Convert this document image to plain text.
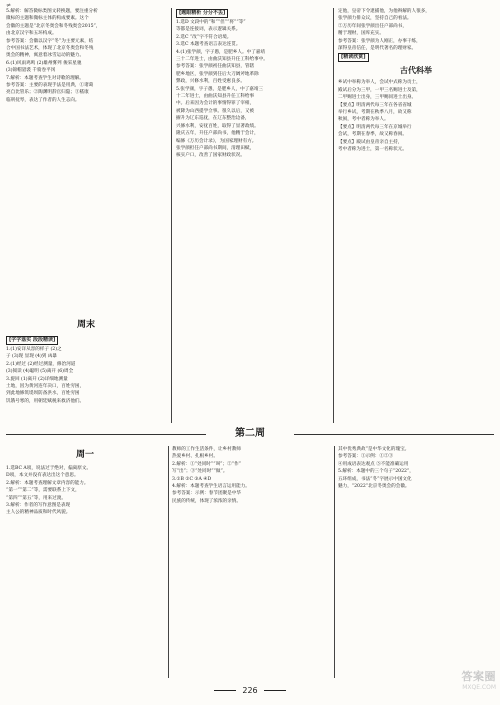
≠

5.解析：解答微标类图文转换题，要注重分析

微标的主题和微标主体的构成要素。这个

会徽的主题是“北京冬奥会和冬残奥会2015”，

由北京汉字和五环构成。

参考答案：会徽以汉字“冬”为主要元素，结

合中国书法艺术，体现了北京冬奥会和冬残

奥会的精神，寓意着冰雪运动的魅力。

6.(1)风雨鸡鸣 (2)雄州雾列 俊采星驰

(3)锦帽貂裘 千骑卷平冈

7.解析：本题考查学生对诗歌的理解。

参考答案：主要的表现手法是用典，①诸葛

亮自比管乐；②陶渊明辞官归隐；③嵇康

临刑抚琴，表达了作者的人生志向。

周末
[字字落实 段段精读]

1.(1)安详从容的样子 (2)之

子 (3)现 显现 (4)到 凶暴

2.(1)经过 (2)经过测量，修治河道

(3)阅读 (4)聪明 (5)离开 (6)周全

3.旋回 (1)离开 (2)详细地测量

土地，因为黄河连年决口，百姓穷困，

到此地修筑堤坝防备洪水，百姓穷困

饥饿号寒的，用朝廷赋税来救济他们。

[题眼精析 分分不丢]

1.选D 文段中的“和”“但”“将”“等”

等都是连接词，表示逻辑关系。

2.选C “改”字不符合语境。

3.选C 本题考查语言表达连贯。

4.(1)张学颜，字子愚，是肥乡人。中了嘉靖

三十二年进士，由曲沃知县升任工科给事中。

参考答案：张学颜初任曲沃知县，管辖

肥乡地区，张学颜到任后大刀阔斧地革除

弊政，兴修水利，百姓受惠良多。

5.张学颜，字子愚，是肥乡人，中了嘉靖三

十二年进士，由曲沃知县升任工科给事

中。后来因为会计的事情得罪了宰相，

被降为山西提学佥事。很久以后，又被

擢升为辽东巡抚，在辽东整治边备，

兴修水利，安抚百姓，取得了显著政绩。

隆庆五年，升任户部尚书，他精于会计，

编修《万历会计录》，为国家理财有方。

张学颜担任户部尚书期间，清理田赋，

核实户口，改善了国家财政状况。

定他，皇帝下令逮捕他，为他辩解的人很多，

张学颜力排众议，坚持自己的看法。

②万历年间张学颜出任户部尚书，

精于理财，国库充实。

参考答案：张学颜为人刚正，办事干练，

深得皇帝信任，是明代著名的理财家。

[精读欣赏]
古代科举

乡试中举称为举人，会试中式称为贡士，

殿试后分为三甲，一甲三名赐进士及第，

二甲赐进士出身，三甲赐同进士出身。

【要点】明清两代每三年在各省省城

举行乡试，考期在秋季八月，故又称

秋闱，考中者称为举人。

【要点】明清两代每三年在京城举行

会试，考期在春季，故又称春闱。

【要点】殿试由皇帝亲自主持，

考中者称为进士，第一名称状元。

第二周
周一

1.选BC A项，说法过于绝对，偏离原文。

D项，本文并没有表达出这个意思。

2.解析：本题考查理解文章内容的能力。

“第一”“第二”等，需要联系上下文，

“第四”“第五”等，用来过渡。

3.解析：作者的写作意图是表现

主人公的精神品质和时代风貌。

教师的工作生活条件，让乡村教师

热爱乡村、扎根乡村。

2.解析：①“处同时”“叫”；②“作”

写“出”；③“处同时”“做”。

3.①B ②C ③A ④D

4.解析：本题考查学生语言运用能力。

参考答案：示例：春节团聚是中华

民族的传统，体现了浓浓的亲情。

其中优秀典故”是中华文化的瑰宝。

参考答案：①示例：①②③

④用成语表达观点 ⑤不能准确运用

5.解析：本题中的三个句子“2022”，

五环组成，书法“冬”字展示中国文化

魅力，“2022”北京冬奥会的会徽。

226
答案圈
MXQE.COM
